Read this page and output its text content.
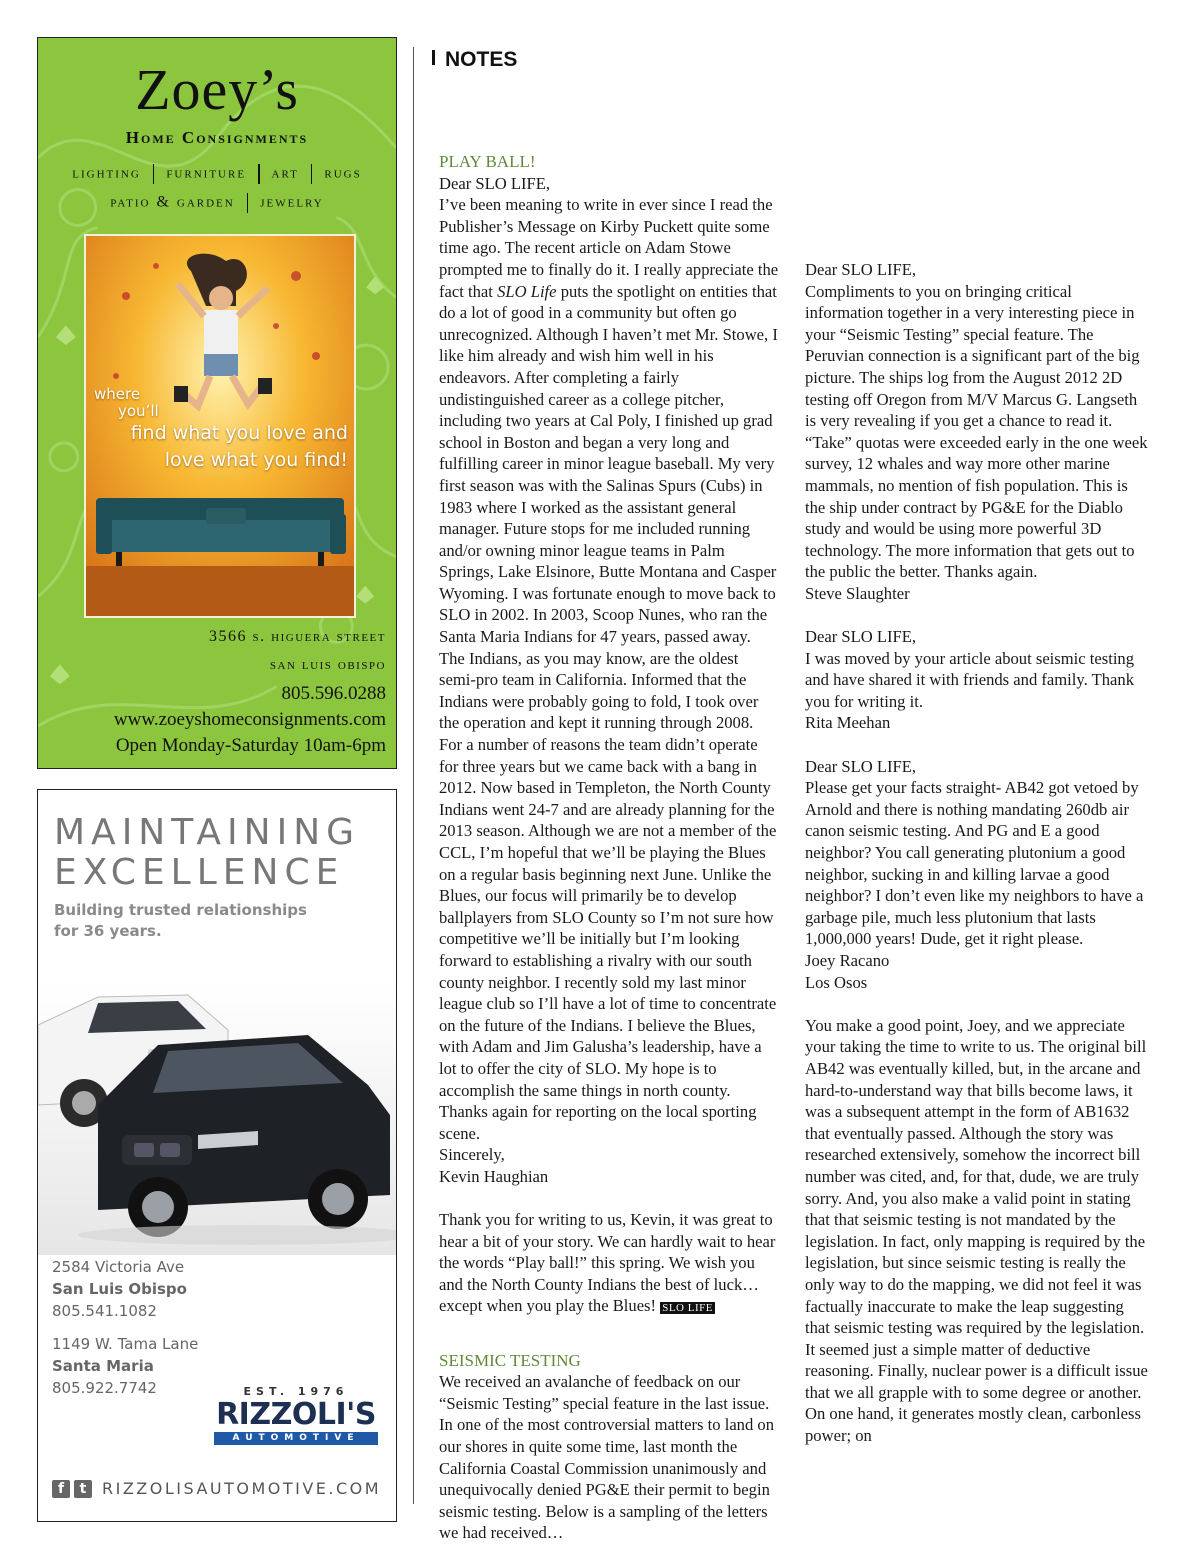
Zoey’s
Home Consignments
lighting furniture art rugs
patio & garden jewelry
where
you’ll
find what you love and
love what you find!
3566 s. higuera street
san luis obispo
805.596.0288
www.zoeyshomeconsignments.com
Open Monday-Saturday 10am-6pm
MAINTAINING
EXCELLENCE
Building trusted relationships
for 36 years.
2584 Victoria Ave
San Luis Obispo
805.541.1082
1149 W. Tama Lane
Santa Maria
805.922.7742	EST. 1976
RIZZOLI'S
AUTOMOTIVE
f	t RIZZOLISAUTOMOTIVE.COM
NOTES

PLAY BALL!

Dear SLO LIFE,

I’ve been meaning to write in ever since I read the Publisher’s Message on Kirby Puckett quite some time ago. The recent article on Adam Stowe prompted me to finally do it. I really appreciate the fact that SLO Life puts the spotlight on entities that do a lot of good in a community but often go unrecognized. Although I haven’t met Mr. Stowe, I like him already and wish him well in his endeavors. After completing a fairly undistinguished career as a college pitcher, including two years at Cal Poly, I finished up grad school in Boston and began a very long and fulfilling career in minor league baseball. My very first season was with the Salinas Spurs (Cubs) in 1983 where I worked as the assistant general manager. Future stops for me included running and/or owning minor league teams in Palm Springs, Lake Elsinore, Butte Montana and Casper Wyoming. I was fortunate enough to move back to SLO in 2002. In 2003, Scoop Nunes, who ran the Santa Maria Indians for 47 years, passed away. The Indians, as you may know, are the oldest semi-pro team in California. Informed that the Indians were probably going to fold, I took over the operation and kept it running through 2008. For a number of reasons the team didn’t operate for three years but we came back with a bang in 2012. Now based in Templeton, the North County Indians went 24-7 and are already planning for the 2013 season. Although we are not a member of the CCL, I’m hopeful that we’ll be playing the Blues on a regular basis beginning next June. Unlike the Blues, our focus will primarily be to develop ballplayers from SLO County so I’m not sure how competitive we’ll be initially but I’m looking forward to establishing a rivalry with our south county neighbor. I recently sold my last minor league club so I’ll have a lot of time to concentrate on the future of the Indians. I believe the Blues, with Adam and Jim Galusha’s leadership, have a lot to offer the city of SLO. My hope is to accomplish the same things in north county. Thanks again for reporting on the local sporting scene.

Sincerely,

Kevin Haughian

Thank you for writing to us, Kevin, it was great to hear a bit of your story. We can hardly wait to hear the words “Play ball!” this spring. We wish you and the North County Indians the best of luck… except when you play the Blues! SLO LIFE

SEISMIC TESTING

We received an avalanche of feedback on our “Seismic Testing” special feature in the last issue. In one of the most controversial matters to land on our shores in quite some time, last month the California Coastal Commission unanimously and unequivocally denied PG&E their permit to begin seismic testing. Below is a sampling of the letters we had received…

Dear SLO LIFE,

Compliments to you on bringing critical information together in a very interesting piece in your “Seismic Testing” special feature. The Peruvian connection is a significant part of the big picture. The ships log from the August 2012 2D testing off Oregon from M/V Marcus G. Langseth is very revealing if you get a chance to read it. “Take” quotas were exceeded early in the one week survey, 12 whales and way more other marine mammals, no mention of fish population. This is the ship under contract by PG&E for the Diablo study and would be using more powerful 3D technology. The more information that gets out to the public the better. Thanks again.

Steve Slaughter

Dear SLO LIFE,

I was moved by your article about seismic testing and have shared it with friends and family. Thank you for writing it.

Rita Meehan

Dear SLO LIFE,

Please get your facts straight- AB42 got vetoed by Arnold and there is nothing mandating 260db air canon seismic testing. And PG and E a good neighbor? You call generating plutonium a good neighbor, sucking in and killing larvae a good neighbor? I don’t even like my neighbors to have a garbage pile, much less plutonium that lasts 1,000,000 years! Dude, get it right please.

Joey Racano

Los Osos

You make a good point, Joey, and we appreciate your taking the time to write to us. The original bill AB42 was eventually killed, but, in the arcane and hard-to-understand way that bills become laws, it was a subsequent attempt in the form of AB1632 that eventually passed. Although the story was researched extensively, somehow the incorrect bill number was cited, and, for that, dude, we are truly sorry. And, you also make a valid point in stating that that seismic testing is not mandated by the legislation. In fact, only mapping is required by the legislation, but since seismic testing is really the only way to do the mapping, we did not feel it was factually inaccurate to make the leap suggesting that seismic testing was required by the legislation. It seemed just a simple matter of deductive reasoning. Finally, nuclear power is a difficult issue that we all grapple with to some degree or another. On one hand, it generates mostly clean, carbonless power; on
